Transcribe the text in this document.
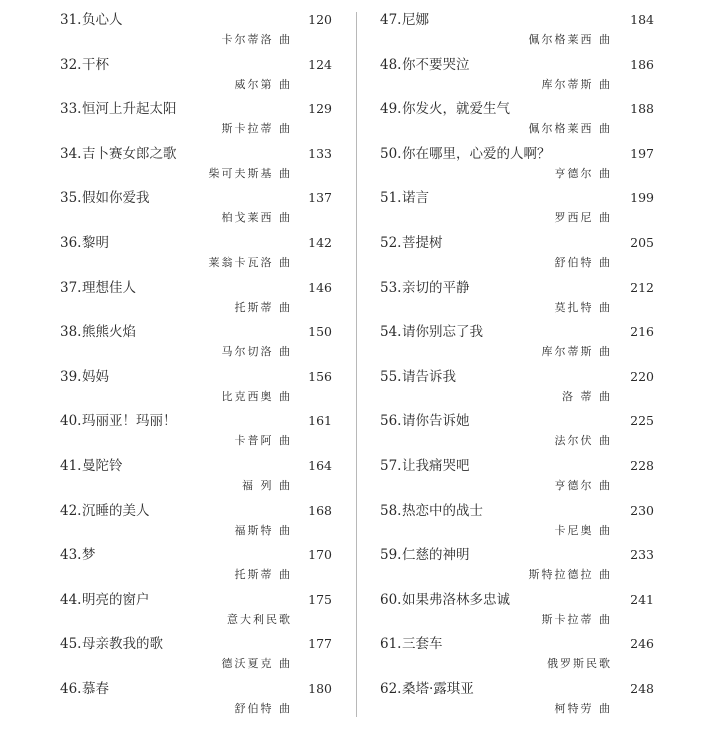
31.负心人	120
卡尔蒂洛 曲
32.干杯	124
威尔第 曲
33.恒河上升起太阳	129
斯卡拉蒂 曲
34.吉卜赛女郎之歌	133
柴可夫斯基 曲
35.假如你爱我	137
柏戈莱西 曲
36.黎明	142
莱翁卡瓦洛 曲
37.理想佳人	146
托斯蒂 曲
38.熊熊火焰	150
马尔切洛 曲
39.妈妈	156
比克西奥 曲
40.玛丽亚！玛丽！	161
卡普阿 曲
41.曼陀铃	164
福 列 曲
42.沉睡的美人	168
福斯特 曲
43.梦	170
托斯蒂 曲
44.明亮的窗户	175
意大利民歌
45.母亲教我的歌	177
德沃夏克 曲
46.慕春	180
舒伯特 曲
47.尼娜	184
佩尔格莱西 曲
48.你不要哭泣	186
库尔蒂斯 曲
49.你发火，就爱生气	188
佩尔格莱西 曲
50.你在哪里，心爱的人啊？	197
亨德尔 曲
51.诺言	199
罗西尼 曲
52.菩提树	205
舒伯特 曲
53.亲切的平静	212
莫扎特 曲
54.请你别忘了我	216
库尔蒂斯 曲
55.请告诉我	220
洛 蒂 曲
56.请你告诉她	225
法尔伏 曲
57.让我痛哭吧	228
亨德尔 曲
58.热恋中的战士	230
卡尼奥 曲
59.仁慈的神明	233
斯特拉德拉 曲
60.如果弗洛林多忠诚	241
斯卡拉蒂 曲
61.三套车	246
俄罗斯民歌
62.桑塔·露琪亚	248
柯特劳 曲
